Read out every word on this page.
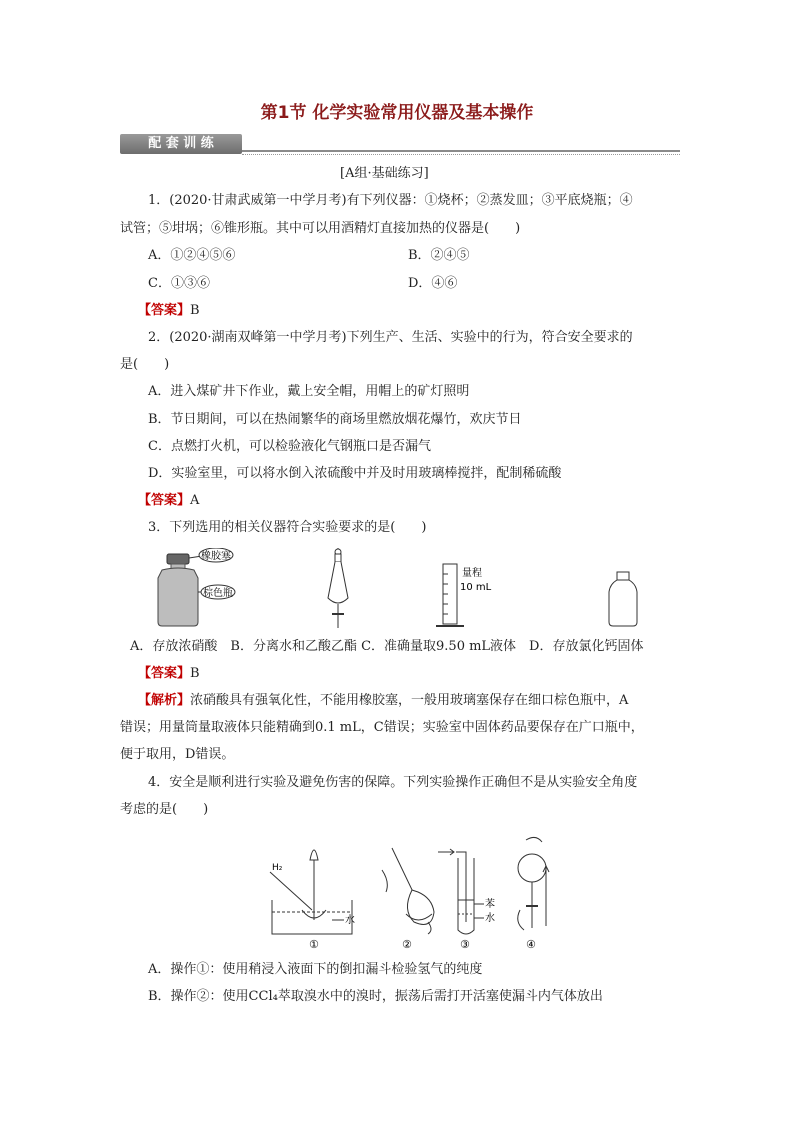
第1节 化学实验常用仪器及基本操作
配 套 训 练
[A组·基础练习]
1．(2020·甘肃武威第一中学月考)有下列仪器：①烧杯；②蒸发皿；③平底烧瓶；④
试管；⑤坩埚；⑥锥形瓶。其中可以用酒精灯直接加热的仪器是(　　)
A．①②④⑤⑥	B．②④⑤
C．①③⑥	D．④⑥
【答案】B
2．(2020·湖南双峰第一中学月考)下列生产、生活、实验中的行为，符合安全要求的
是(　　)
A．进入煤矿井下作业，戴上安全帽，用帽上的矿灯照明
B．节日期间，可以在热闹繁华的商场里燃放烟花爆竹，欢庆节日
C．点燃打火机，可以检验液化气钢瓶口是否漏气
D．实验室里，可以将水倒入浓硫酸中并及时用玻璃棒搅拌，配制稀硫酸
【答案】A
3．下列选用的相关仪器符合实验要求的是(　　)
橡胶塞
棕色瓶
量程
10 mL
A．存放浓硝酸　B．分离水和乙酸乙酯 C．准确量取9.50 mL液体　D．存放氯化钙固体
【答案】B
【解析】浓硝酸具有强氧化性，不能用橡胶塞，一般用玻璃塞保存在细口棕色瓶中，A
错误；用量筒量取液体只能精确到0.1 mL，C错误；实验室中固体药品要保存在广口瓶中，
便于取用，D错误。
4．安全是顺利进行实验及避免伤害的保障。下列实验操作正确但不是从实验安全角度
考虑的是(　　)
H₂
水
①	②
苯
水
③	④
A．操作①：使用稍浸入液面下的倒扣漏斗检验氢气的纯度
B．操作②：使用CCl₄萃取溴水中的溴时，振荡后需打开活塞使漏斗内气体放出
